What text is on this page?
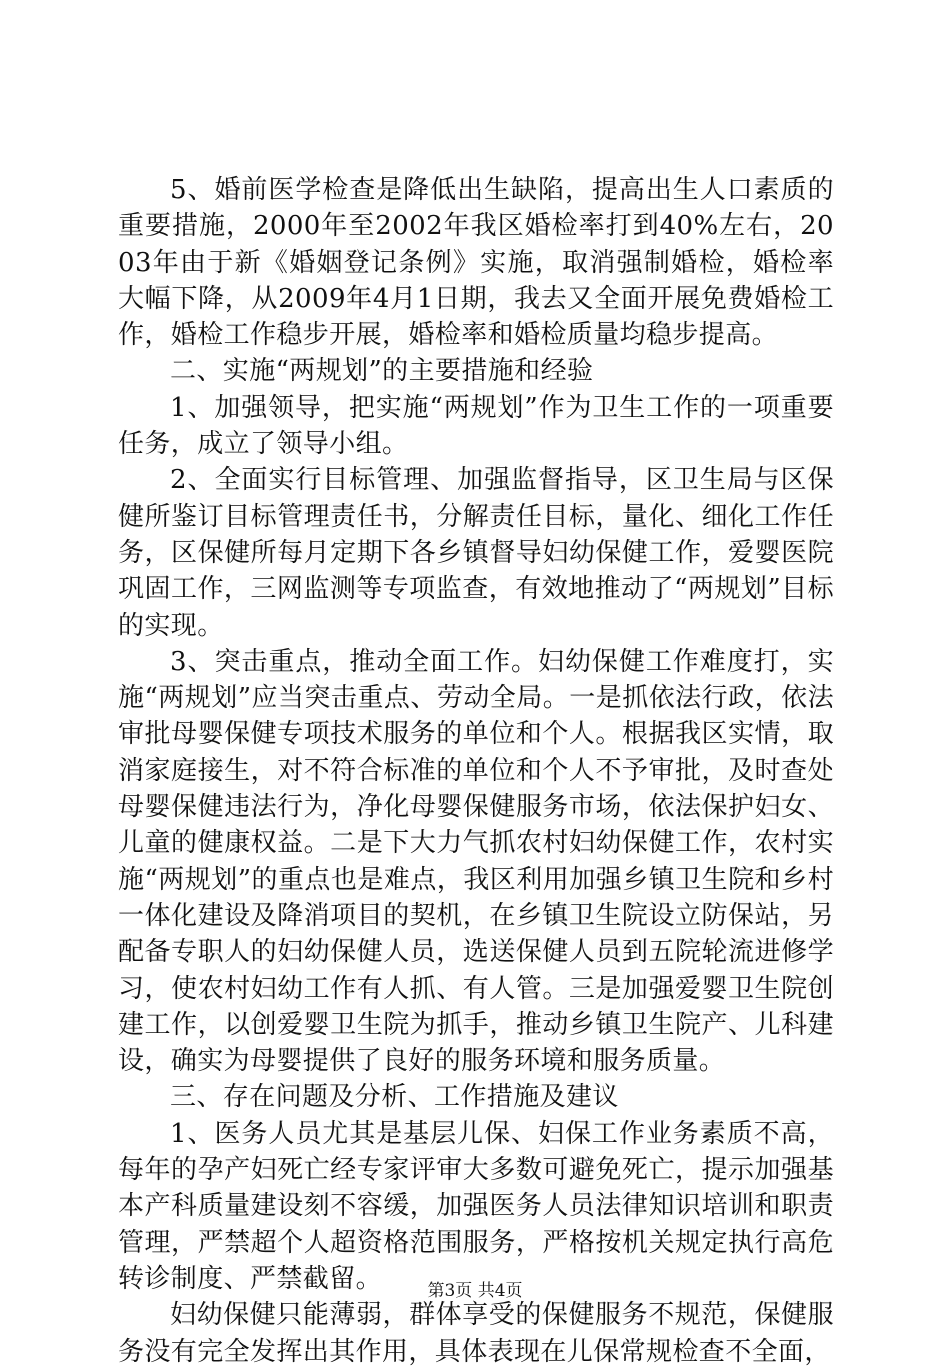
5、婚前医学检查是降低出生缺陷，提高出生人口素质的重要措施，2000年至2002年我区婚检率打到40%左右，2003年由于新《婚姻登记条例》实施，取消强制婚检，婚检率大幅下降，从2009年4月1日期，我去又全面开展免费婚检工作，婚检工作稳步开展，婚检率和婚检质量均稳步提高。

二、实施“两规划”的主要措施和经验

1、加强领导，把实施“两规划”作为卫生工作的一项重要任务，成立了领导小组。

2、全面实行目标管理、加强监督指导，区卫生局与区保健所鉴订目标管理责任书，分解责任目标，量化、细化工作任务，区保健所每月定期下各乡镇督导妇幼保健工作，爱婴医院巩固工作，三网监测等专项监查，有效地推动了“两规划”目标的实现。

3、突击重点，推动全面工作。妇幼保健工作难度打，实施“两规划”应当突击重点、劳动全局。一是抓依法行政，依法审批母婴保健专项技术服务的单位和个人。根据我区实情，取消家庭接生，对不符合标准的单位和个人不予审批，及时查处母婴保健违法行为，净化母婴保健服务市场，依法保护妇女、儿童的健康权益。二是下大力气抓农村妇幼保健工作，农村实施“两规划”的重点也是难点，我区利用加强乡镇卫生院和乡村一体化建设及降消项目的契机，在乡镇卫生院设立防保站，另配备专职人的妇幼保健人员，选送保健人员到五院轮流进修学习，使农村妇幼工作有人抓、有人管。三是加强爱婴卫生院创建工作，以创爱婴卫生院为抓手，推动乡镇卫生院产、儿科建设，确实为母婴提供了良好的服务环境和服务质量。

三、存在问题及分析、工作措施及建议

1、医务人员尤其是基层儿保、妇保工作业务素质不高，每年的孕产妇死亡经专家评审大多数可避免死亡，提示加强基本产科质量建设刻不容缓，加强医务人员法律知识培训和职责管理，严禁超个人超资格范围服务，严格按机关规定执行高危转诊制度、严禁截留。

妇幼保健只能薄弱，群体享受的保健服务不规范，保健服务没有完全发挥出其作用，具体表现在儿保常规检查不全面，

第3页 共4页
